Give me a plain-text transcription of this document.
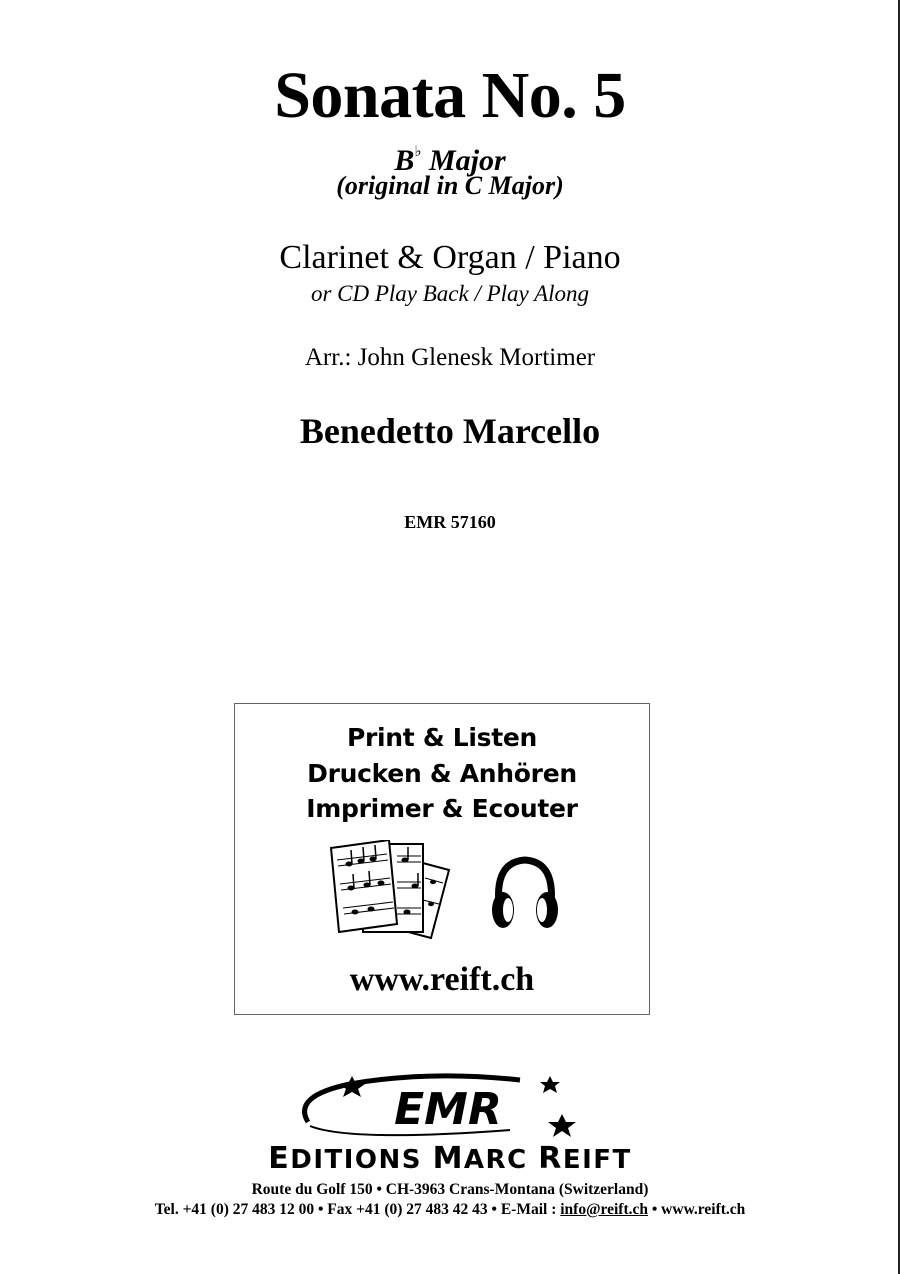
Sonata No. 5
B♭ Major
(original in C Major)
Clarinet & Organ / Piano
or CD Play Back / Play Along
Arr.: John Glenesk Mortimer
Benedetto Marcello
EMR 57160
Print & Listen
Drucken & Anhören
Imprimer & Ecouter
www.reift.ch
EMR
EDITIONS MARC REIFT
Route du Golf 150 • CH-3963 Crans-Montana (Switzerland)
Tel. +41 (0) 27 483 12 00 • Fax +41 (0) 27 483 42 43 • E-Mail : info@reift.ch • www.reift.ch
